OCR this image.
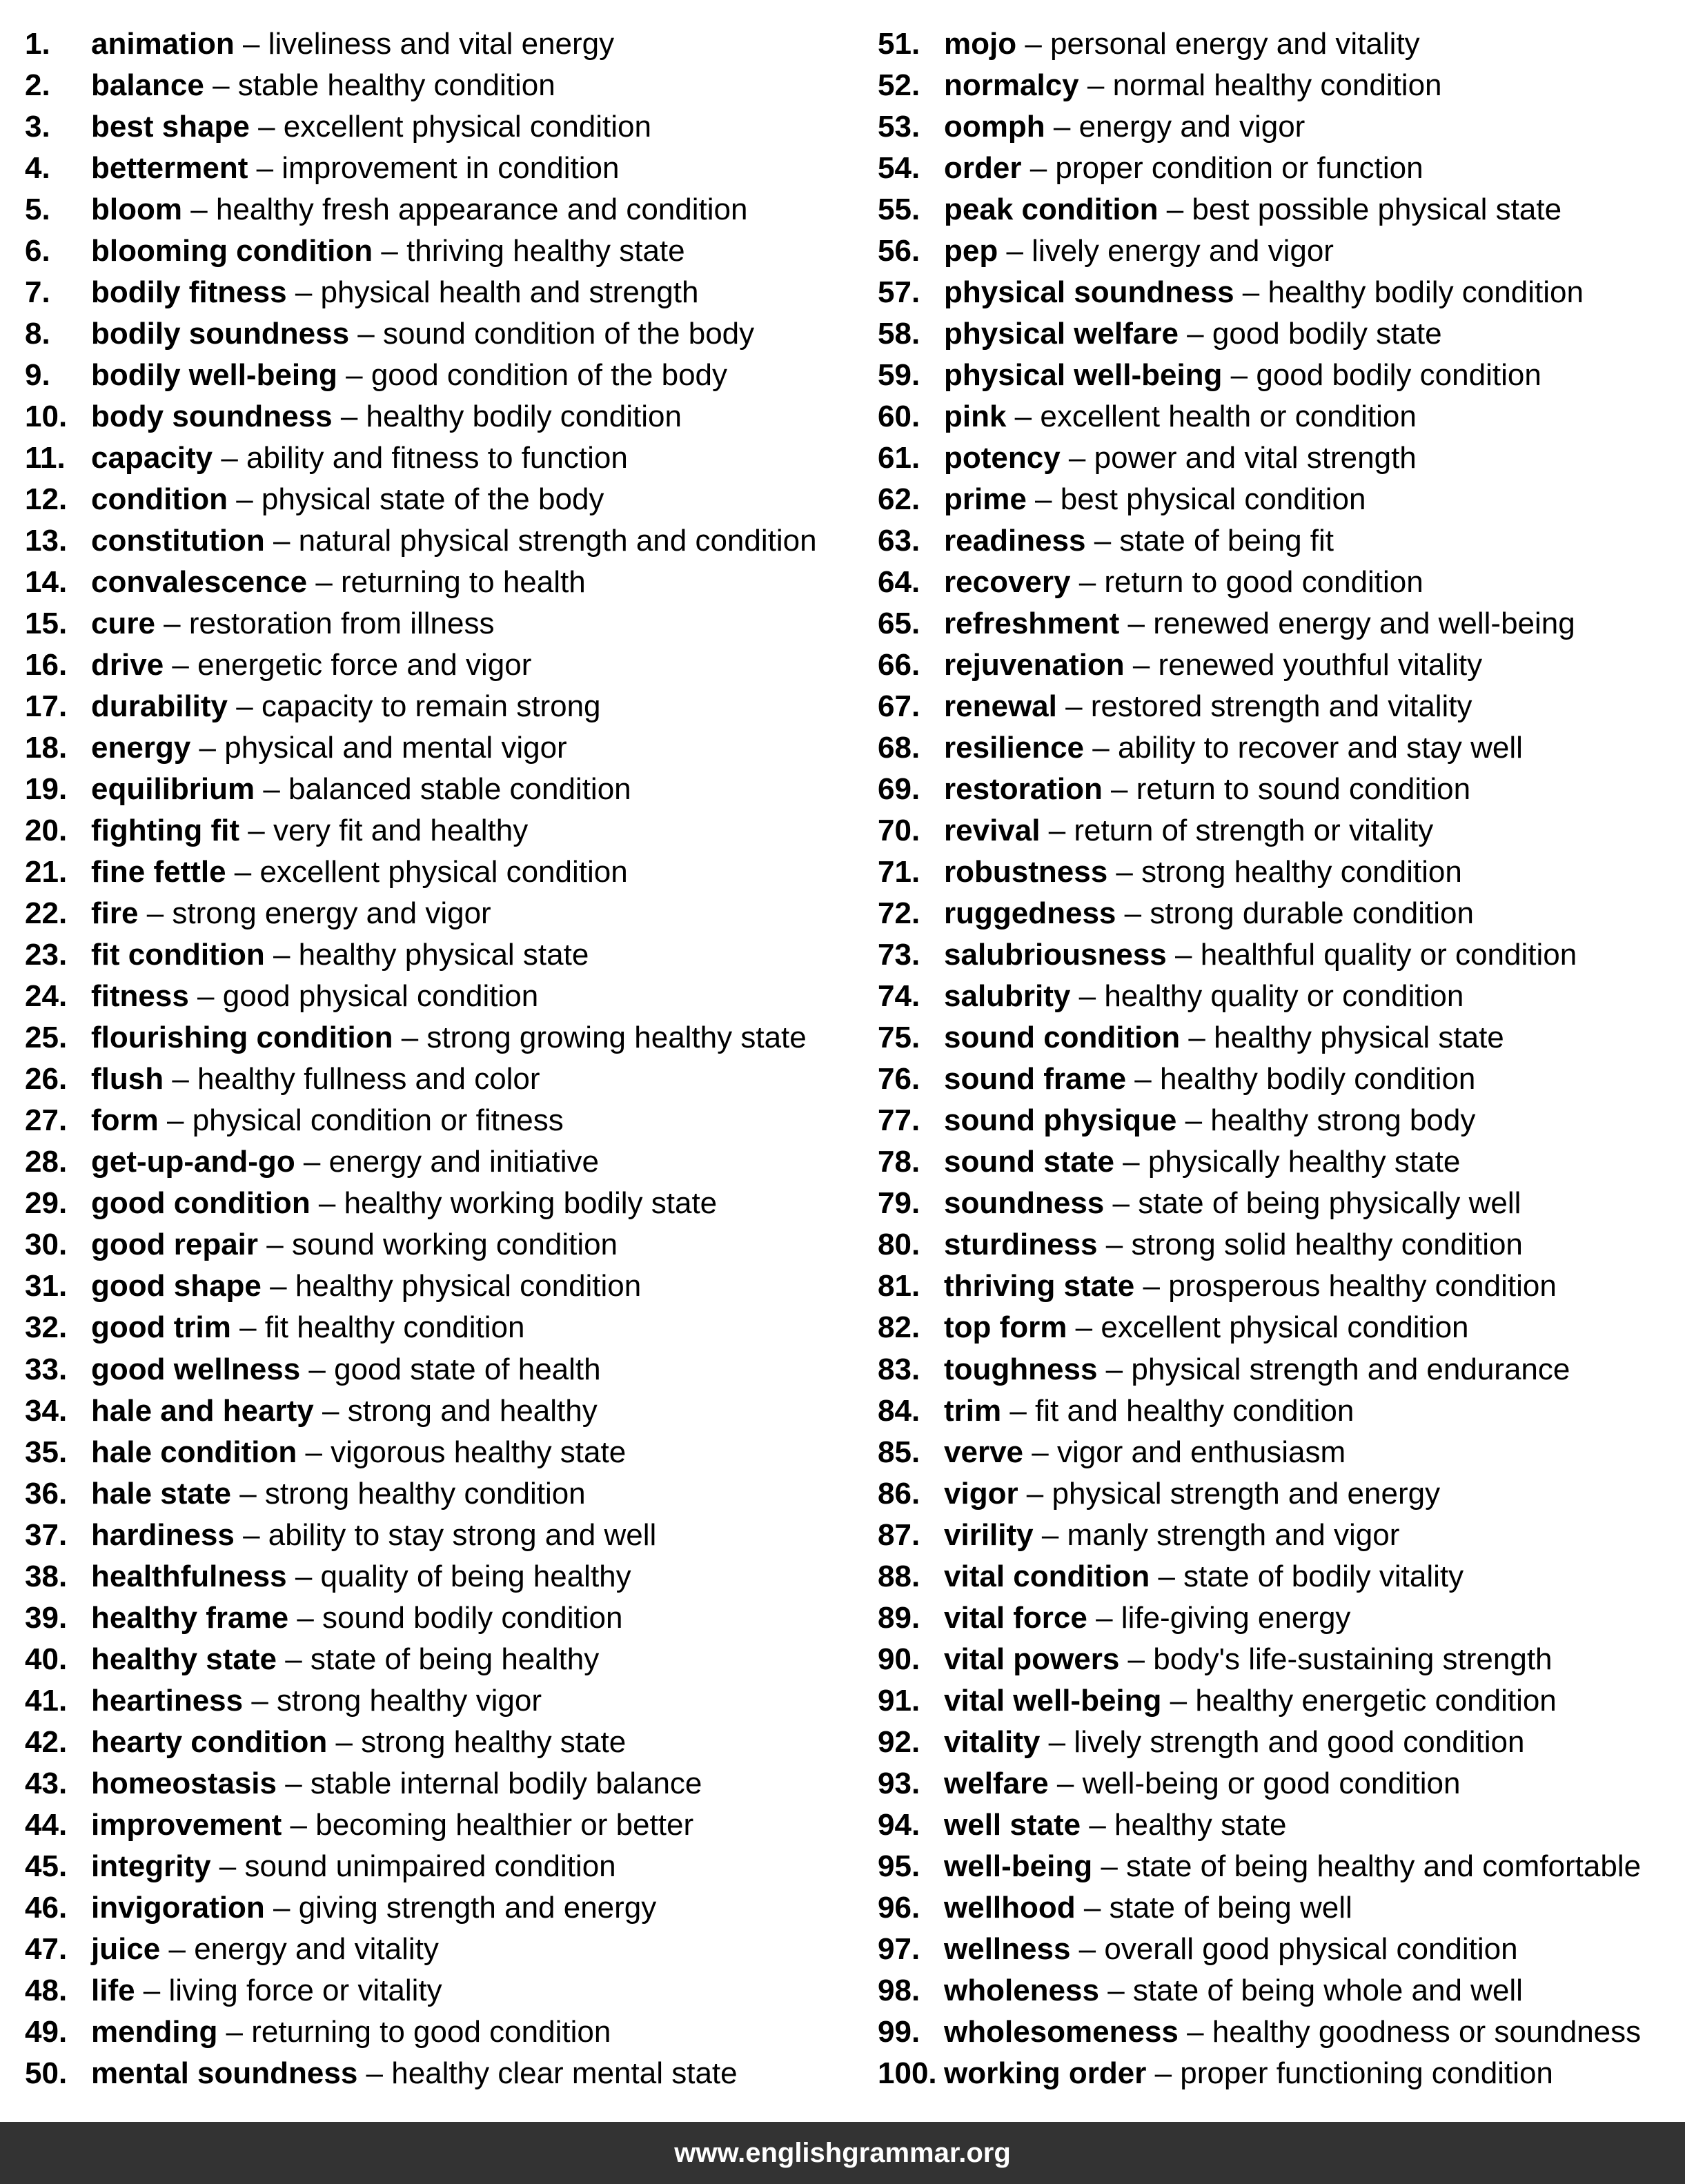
1.	animation – liveliness and vital energy
2.	balance – stable healthy condition
3.	best shape – excellent physical condition
4.	betterment – improvement in condition
5.	bloom – healthy fresh appearance and condition
6.	blooming condition – thriving healthy state
7.	bodily fitness – physical health and strength
8.	bodily soundness – sound condition of the body
9.	bodily well-being – good condition of the body
10. body soundness – healthy bodily condition
11. capacity – ability and fitness to function
12. condition – physical state of the body
13. constitution – natural physical strength and condition
14. convalescence – returning to health
15. cure – restoration from illness
16. drive – energetic force and vigor
17. durability – capacity to remain strong
18. energy – physical and mental vigor
19. equilibrium – balanced stable condition
20. fighting fit – very fit and healthy
21. fine fettle – excellent physical condition
22. fire – strong energy and vigor
23. fit condition – healthy physical state
24. fitness – good physical condition
25. flourishing condition – strong growing healthy state
26. flush – healthy fullness and color
27. form – physical condition or fitness
28. get-up-and-go – energy and initiative
29. good condition – healthy working bodily state
30. good repair – sound working condition
31. good shape – healthy physical condition
32. good trim – fit healthy condition
33. good wellness – good state of health
34. hale and hearty – strong and healthy
35. hale condition – vigorous healthy state
36. hale state – strong healthy condition
37. hardiness – ability to stay strong and well
38. healthfulness – quality of being healthy
39. healthy frame – sound bodily condition
40. healthy state – state of being healthy
41. heartiness – strong healthy vigor
42. hearty condition – strong healthy state
43. homeostasis – stable internal bodily balance
44. improvement – becoming healthier or better
45. integrity – sound unimpaired condition
46. invigoration – giving strength and energy
47. juice – energy and vitality
48. life – living force or vitality
49. mending – returning to good condition
50. mental soundness – healthy clear mental state
51. mojo – personal energy and vitality
52. normalcy – normal healthy condition
53. oomph – energy and vigor
54. order – proper condition or function
55. peak condition – best possible physical state
56. pep – lively energy and vigor
57. physical soundness – healthy bodily condition
58. physical welfare – good bodily state
59. physical well-being – good bodily condition
60. pink – excellent health or condition
61. potency – power and vital strength
62. prime – best physical condition
63. readiness – state of being fit
64. recovery – return to good condition
65. refreshment – renewed energy and well-being
66. rejuvenation – renewed youthful vitality
67. renewal – restored strength and vitality
68. resilience – ability to recover and stay well
69. restoration – return to sound condition
70. revival – return of strength or vitality
71. robustness – strong healthy condition
72. ruggedness – strong durable condition
73. salubriousness – healthful quality or condition
74. salubrity – healthy quality or condition
75. sound condition – healthy physical state
76. sound frame – healthy bodily condition
77. sound physique – healthy strong body
78. sound state – physically healthy state
79. soundness – state of being physically well
80. sturdiness – strong solid healthy condition
81. thriving state – prosperous healthy condition
82. top form – excellent physical condition
83. toughness – physical strength and endurance
84. trim – fit and healthy condition
85. verve – vigor and enthusiasm
86. vigor – physical strength and energy
87. virility – manly strength and vigor
88. vital condition – state of bodily vitality
89. vital force – life-giving energy
90. vital powers – body's life-sustaining strength
91. vital well-being – healthy energetic condition
92. vitality – lively strength and good condition
93. welfare – well-being or good condition
94. well state – healthy state
95. well-being – state of being healthy and comfortable
96. wellhood – state of being well
97. wellness – overall good physical condition
98. wholeness – state of being whole and well
99. wholesomeness – healthy goodness or soundness
100. working order – proper functioning condition
www.englishgrammar.org
